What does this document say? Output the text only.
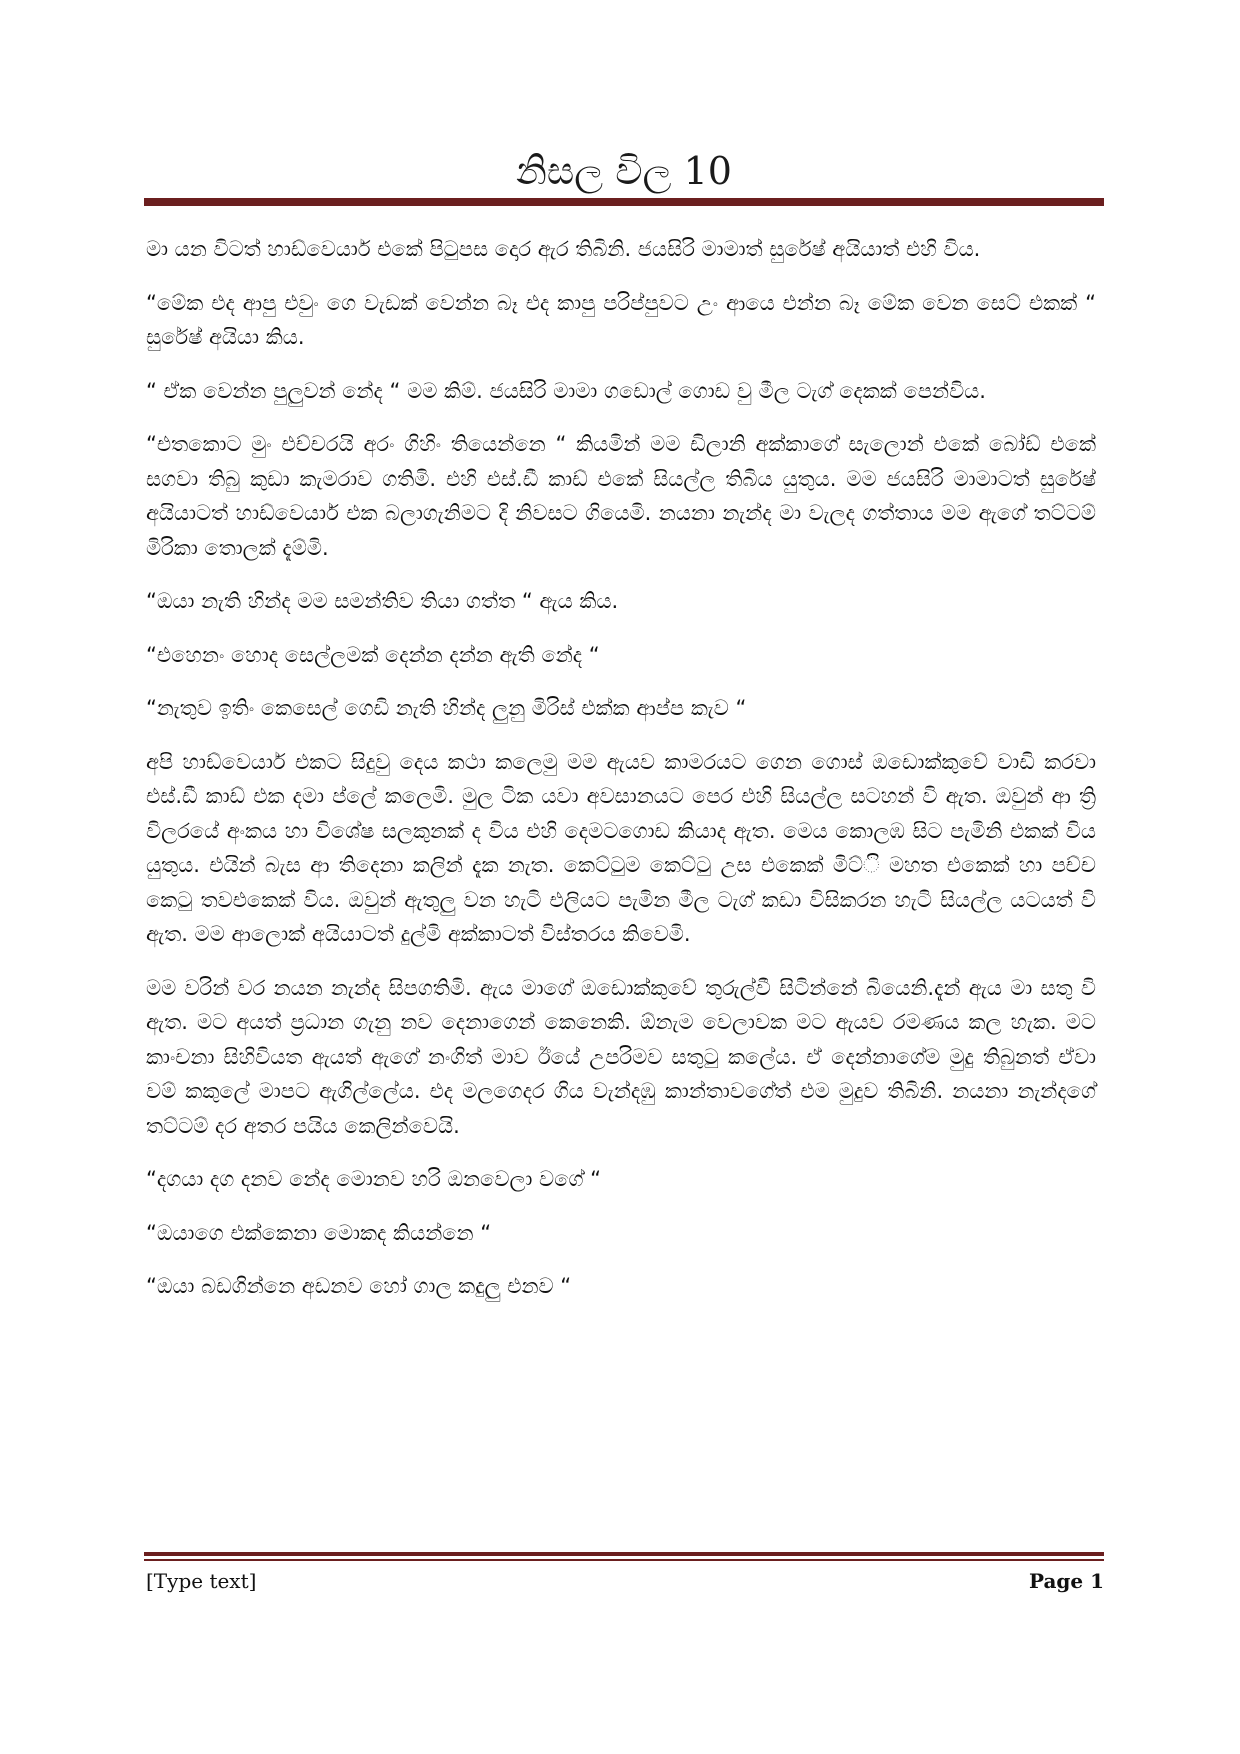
නිසල විල 10

මා යන විටත් හාඩ්වෙයාර් එකේ පිටුපස දොර ඇර තිබිනි. ජයසිරි මාමාත් සුරේෂ් අයියාත් එහි විය.

“මේක එද ආපු එවුං ගෙ වැඩක් වෙන්න බෑ එද කාපු පරිප්පුවට උං ආයෙ එන්න බෑ මේක වෙන සෙට් එකක් “ සුරේෂ් අයියා කිය.

“ ඒක වෙන්න පුලුවන් නේද “ මම කිම්. ජයසිරි මාමා ගඩොල් ගොඩ වු මීල ටැග් දෙකක් පෙන්විය.

“එතකොට මුං එච්චරයි අරං ගිහිං තියෙන්නෙ “ කියමින් මම ඩිලානි අක්කාගේ සැලොන් එකේ බෝඩ් එකේ සගවා තිබු කුඩා කැමරාව ගතිමි. එහි එස්.ඩී කාඩ් එකේ සියල්ල තිබිය යුතුය. මම ජයසිරි මාමාටත් සුරේෂ් අයියාටත් හාඩ්වෙයාර් එක බලාගැනිමට දි නිවසට ගියෙමි. නයනා නැන්ද මා වැලද ගත්තාය මම ඇගේ තට්ටම් මිරිකා තොලක් දැම්මි.

“ඔයා නැති හින්ද මම සමන්තිව තියා ගත්ත “ ඇය කිය.

“එහෙනං හොද සෙල්ලමක් දෙන්න දන්න ඇති නේද “

“නැතුව ඉතිං කෙසෙල් ගෙඩි නැති හින්ද ලුනු මිරිස් එක්ක ආප්ප කැව “

අපි හාඩ්වෙයාර් එකට සිදුවු දෙය කථා කලෙමු මම ඇයව කාමරයට ගෙන ගොස් ඔඩොක්කුවේ වාඩි කරවා එස්.ඩී කාඩ් එක දමා ප්ලේ කලෙමි. මුල ටික යවා අවසානයට පෙර එහි සියල්ල සටහන් වි ඇත. ඔවුන් ආ ත්‍රි විලරයේ අංකය හා විශේෂ සලකුනක් ද විය එහි දෙමටගොඩ කියාද ඇත. මෙය කොලඹ සිට පැමිනි එකක් විය යුතුය. එයින් බැස ආ තිදෙනා කලින් දැක නැත. කෙට්ටුම කෙට්ටු උස එකෙක් මිට්ි මහත එකෙක් හා පච්ච කෙටු තවඑකෙක් විය. ඔවුන් ඇතුලු වන හැටි එලියට පැමින මීල ටැග් කඩා විසිකරන හැටි සියල්ල යටයත් වි ඇත. මම ආලොක් අයියාටත් දුල්මි අක්කාටත් විස්තරය කිවෙමි.

මම වරින් වර නයන නැන්ද සිපගතිමි. ඇය මාගේ ඔඩොක්කුවේ තුරුල්වී සිටින්නේ බියෙනි.දැන් ඇය මා සතු වි ඇත. මට අයත් ප්‍රධාන ගැනු නව දෙනාගෙන් කෙනෙකි. ඕනැම වෙලාවක මට ඇයව රමණය කල හැක. මට කාංචනා සිහිවියත ඇයත් ඇගේ නංගිත් මාව ඊයේ උපරිමව සතුටු කලේය. ඒ දෙන්නාගේම මුදු තිබුනත් ඒවා වම් කකුලේ මාපට ඇගිල්ලේය. එද මලගෙදර ගිය වැන්දඹු කාන්තාවගේත් එම මුදුව තිබිනි. නයනා නැන්දගේ තට්ටම් දර අතර පයිය කෙලින්වෙයි.

“දගයා දග දනව නේද මොනව හරි ඔනවෙලා වගේ “

“ඔයාගෙ එක්කෙනා මොකද කියන්නෙ “

“ඔයා බඩගින්නෙ අඩනව හෝ ගාල කදුලු එනව “

[Type text]	Page 1
